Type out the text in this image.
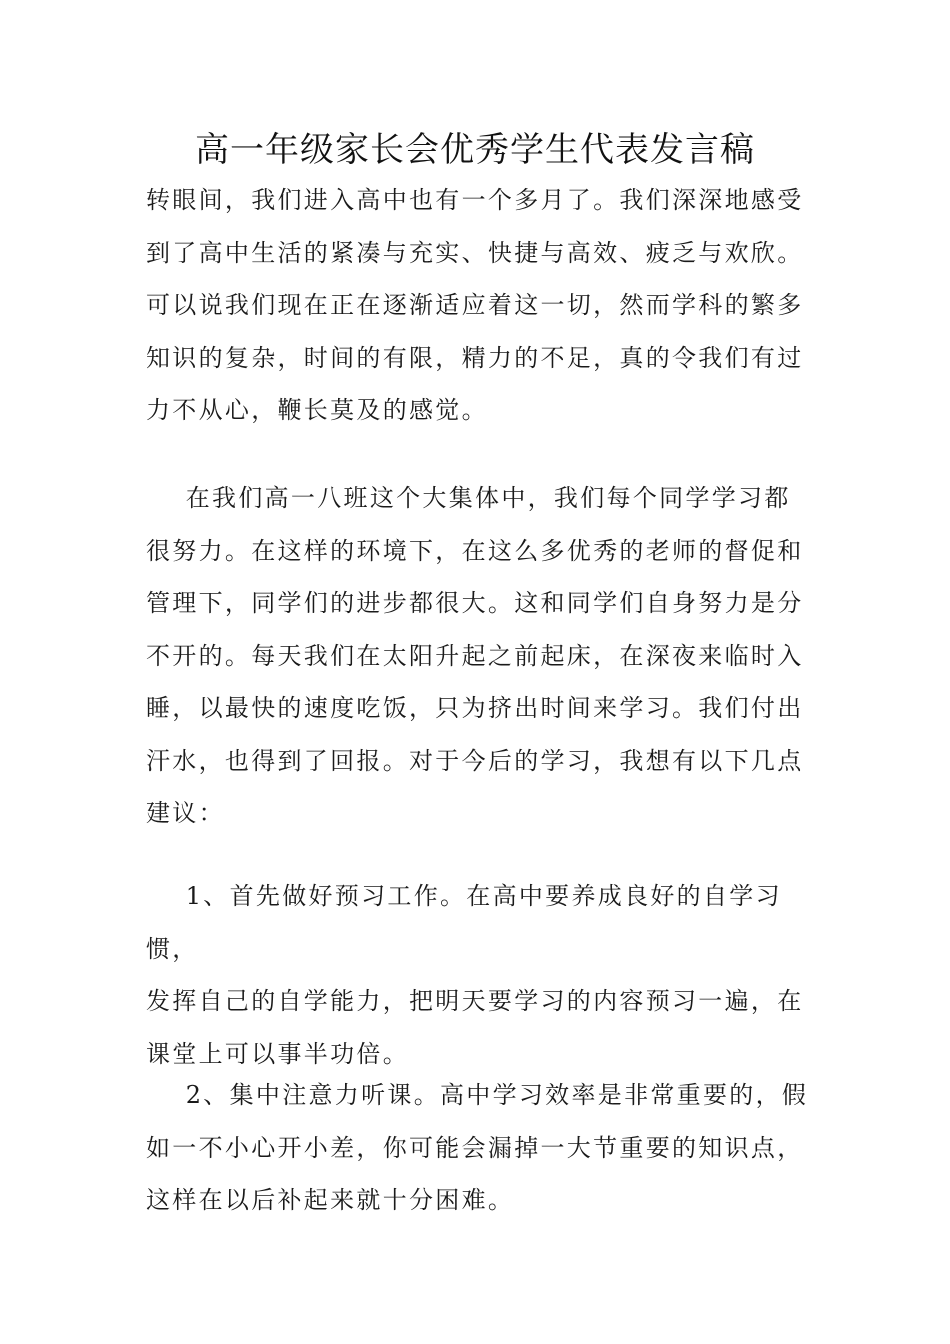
高一年级家长会优秀学生代表发言稿

转眼间，我们进入高中也有一个多月了。我们深深地感受
到了高中生活的紧凑与充实、快捷与高效、疲乏与欢欣。
可以说我们现在正在逐渐适应着这一切，然而学科的繁多
知识的复杂，时间的有限，精力的不足，真的令我们有过
力不从心，鞭长莫及的感觉。

在我们高一八班这个大集体中，我们每个同学学习都
很努力。在这样的环境下，在这么多优秀的老师的督促和
管理下，同学们的进步都很大。这和同学们自身努力是分
不开的。每天我们在太阳升起之前起床，在深夜来临时入
睡，以最快的速度吃饭，只为挤出时间来学习。我们付出
汗水，也得到了回报。对于今后的学习，我想有以下几点
建议：

1、首先做好预习工作。在高中要养成良好的自学习惯，
发挥自己的自学能力，把明天要学习的内容预习一遍，在
课堂上可以事半功倍。

2、集中注意力听课。高中学习效率是非常重要的，假
如一不小心开小差，你可能会漏掉一大节重要的知识点，
这样在以后补起来就十分困难。
